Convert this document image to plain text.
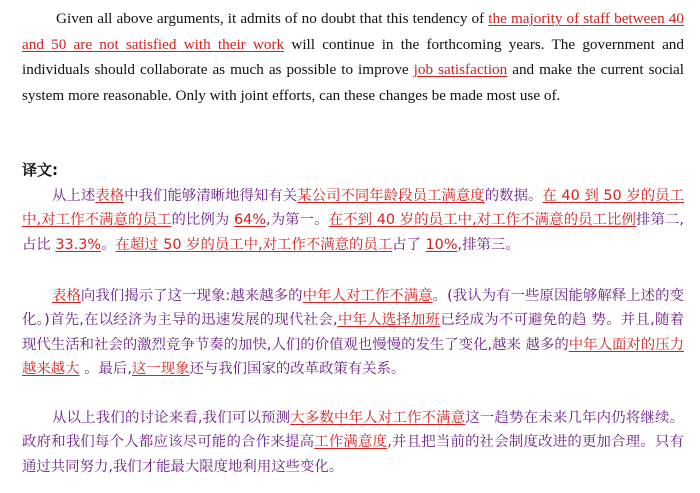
Given all above arguments, it admits of no doubt that this tendency of the majority of staff between 40 and 50 are not satisfied with their work will continue in the forthcoming years. The government and individuals should collaborate as much as possible to improve job satisfaction and make the current social system more reasonable. Only with joint efforts, can these changes be made most use of.

译文:

从上述表格中我们能够清晰地得知有关某公司不同年龄段员工满意度的数据。在 40 到 50 岁的员工中,对工作不满意的员工的比例为 64%,为第一。在不到 40 岁的员工中,对工作不满意的员工比例排第二,占比 33.3%。在超过 50 岁的员工中,对工作不满意的员工占了 10%,排第三。

表格向我们揭示了这一现象:越来越多的中年人对工作不满意。(我认为有一些原因能够解释上述的变化。)首先,在以经济为主导的迅速发展的现代社会,中年人选择加班已经成为不可避免的趋 势。并且,随着现代生活和社会的激烈竞争节奏的加快,人们的价值观也慢慢的发生了变化,越来 越多的中年人面对的压力越来越大 。最后,这一现象还与我们国家的改革政策有关系。

从以上我们的讨论来看,我们可以预测大多数中年人对工作不满意这一趋势在未来几年内仍将继续。政府和我们每个人都应该尽可能的合作来提高工作满意度,并且把当前的社会制度改进的更加合理。只有通过共同努力,我们才能最大限度地利用这些变化。
